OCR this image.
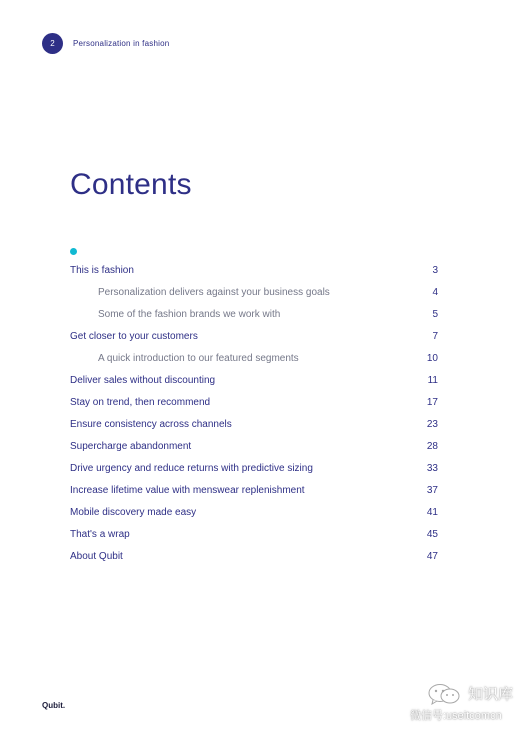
2	Personalization in fashion
Contents
This is fashion	3
Personalization delivers against your business goals	4
Some of the fashion brands we work with	5
Get closer to your customers	7
A quick introduction to our featured segments	10
Deliver sales without discounting	11
Stay on trend, then recommend	17
Ensure consistency across channels	23
Supercharge abandonment	28
Drive urgency and reduce returns with predictive sizing	33
Increase lifetime value with menswear replenishment	37
Mobile discovery made easy	41
That's a wrap	45
About Qubit	47
Qubit.
知识库
微信号:useitcomcn
